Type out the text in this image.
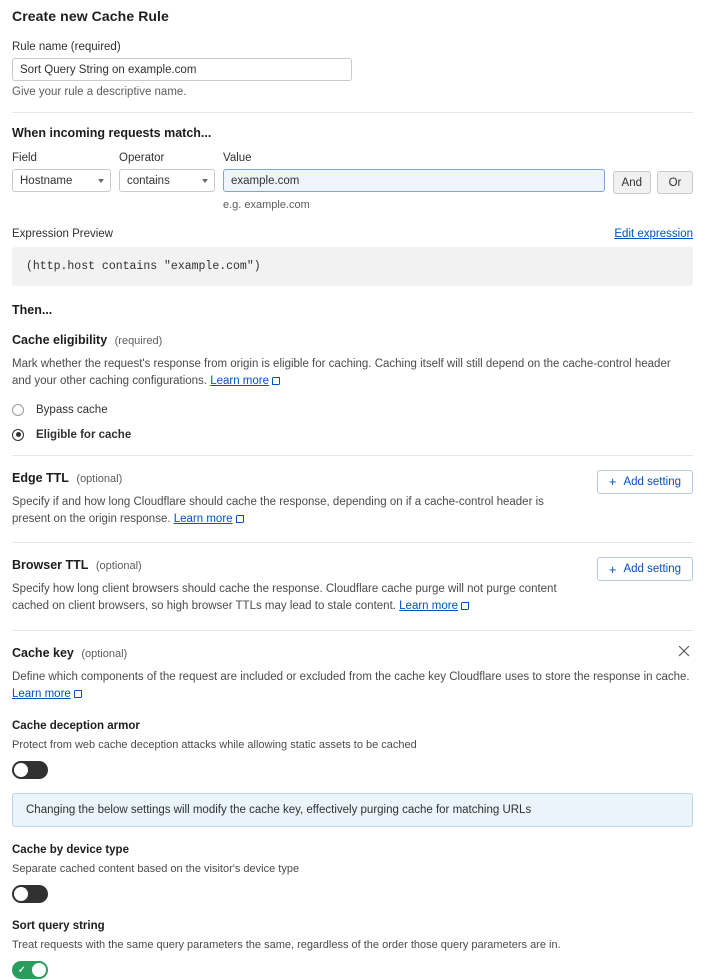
Create new Cache Rule
Rule name (required)
Sort Query String on example.com
Give your rule a descriptive name.
When incoming requests match...
Field
Hostname
Operator
contains
Value
example.com
And	Or
e.g. example.com
Expression Preview	Edit expression
(http.host contains "example.com")
Then...
Cache eligibility (required)
Mark whether the request's response from origin is eligible for caching. Caching itself will still depend on the cache-control header and your other caching configurations. Learn more
Bypass cache
Eligible for cache
Edge TTL (optional)
Specify if and how long Cloudflare should cache the response, depending on if a cache-control header is present on the origin response. Learn more
+ Add setting
Browser TTL (optional)
Specify how long client browsers should cache the response. Cloudflare cache purge will not purge content cached on client browsers, so high browser TTLs may lead to stale content. Learn more
+ Add setting
Cache key (optional)
Define which components of the request are included or excluded from the cache key Cloudflare uses to store the response in cache.
Learn more
Cache deception armor
Protect from web cache deception attacks while allowing static assets to be cached
✕
Changing the below settings will modify the cache key, effectively purging cache for matching URLs
Cache by device type
Separate cached content based on the visitor's device type
✕
Sort query string
Treat requests with the same query parameters the same, regardless of the order those query parameters are in.
✓
